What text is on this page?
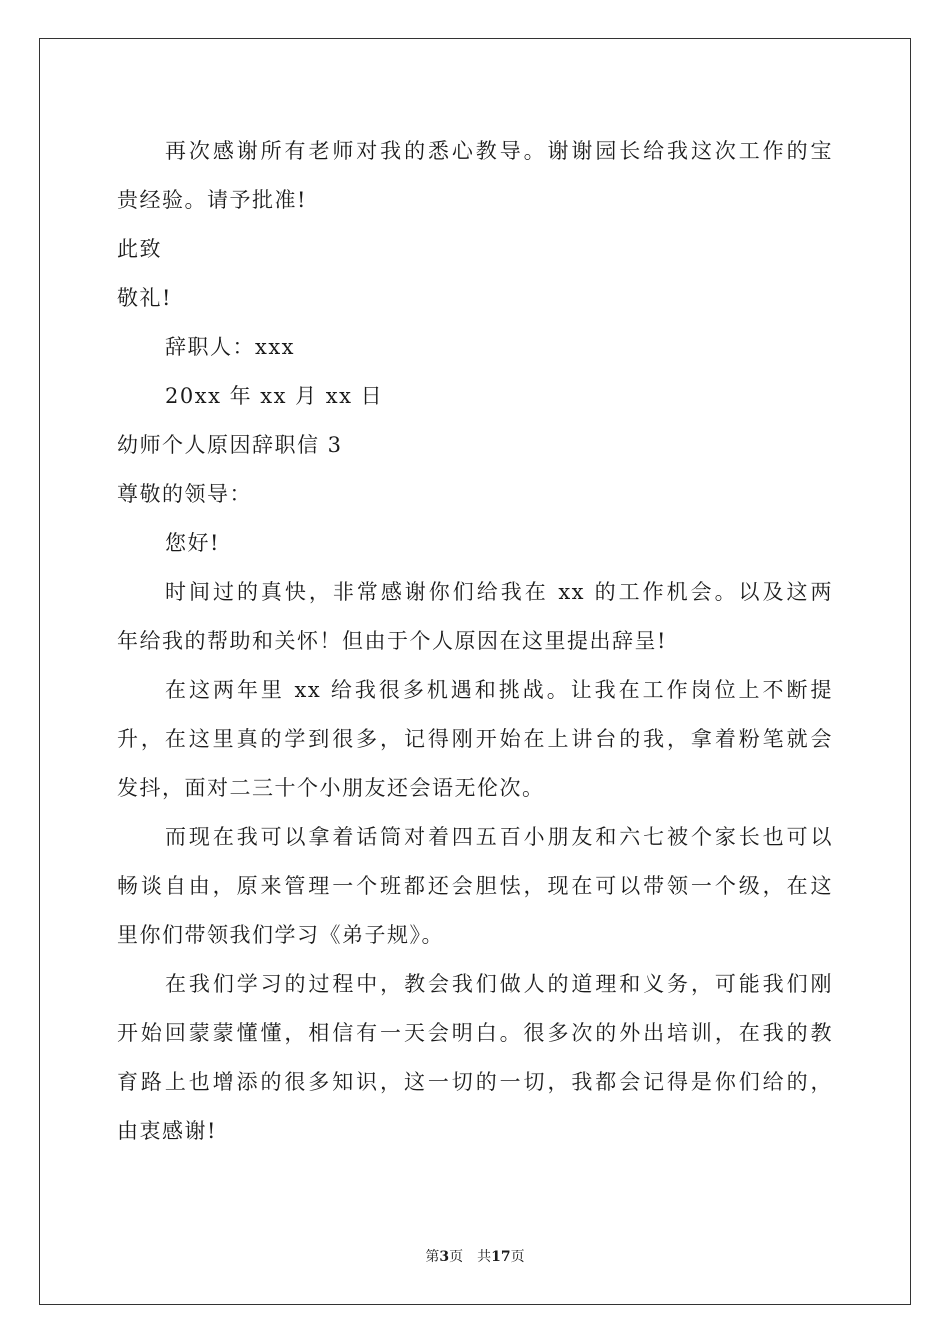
再次感谢所有老师对我的悉心教导。谢谢园长给我这次工作的宝
贵经验。请予批准!
此致
敬礼!
辞职人：xxx
20xx 年 xx 月 xx 日
幼师个人原因辞职信 3
尊敬的领导：
您好!
时间过的真快，非常感谢你们给我在 xx 的工作机会。以及这两
年给我的帮助和关怀！但由于个人原因在这里提出辞呈!
在这两年里 xx 给我很多机遇和挑战。让我在工作岗位上不断提
升，在这里真的学到很多，记得刚开始在上讲台的我，拿着粉笔就会
发抖，面对二三十个小朋友还会语无伦次。
而现在我可以拿着话筒对着四五百小朋友和六七被个家长也可以
畅谈自由，原来管理一个班都还会胆怯，现在可以带领一个级，在这
里你们带领我们学习《弟子规》。
在我们学习的过程中，教会我们做人的道理和义务，可能我们刚
开始回蒙蒙懂懂，相信有一天会明白。很多次的外出培训，在我的教
育路上也增添的很多知识，这一切的一切，我都会记得是你们给的，
由衷感谢!
第3页 共17页
